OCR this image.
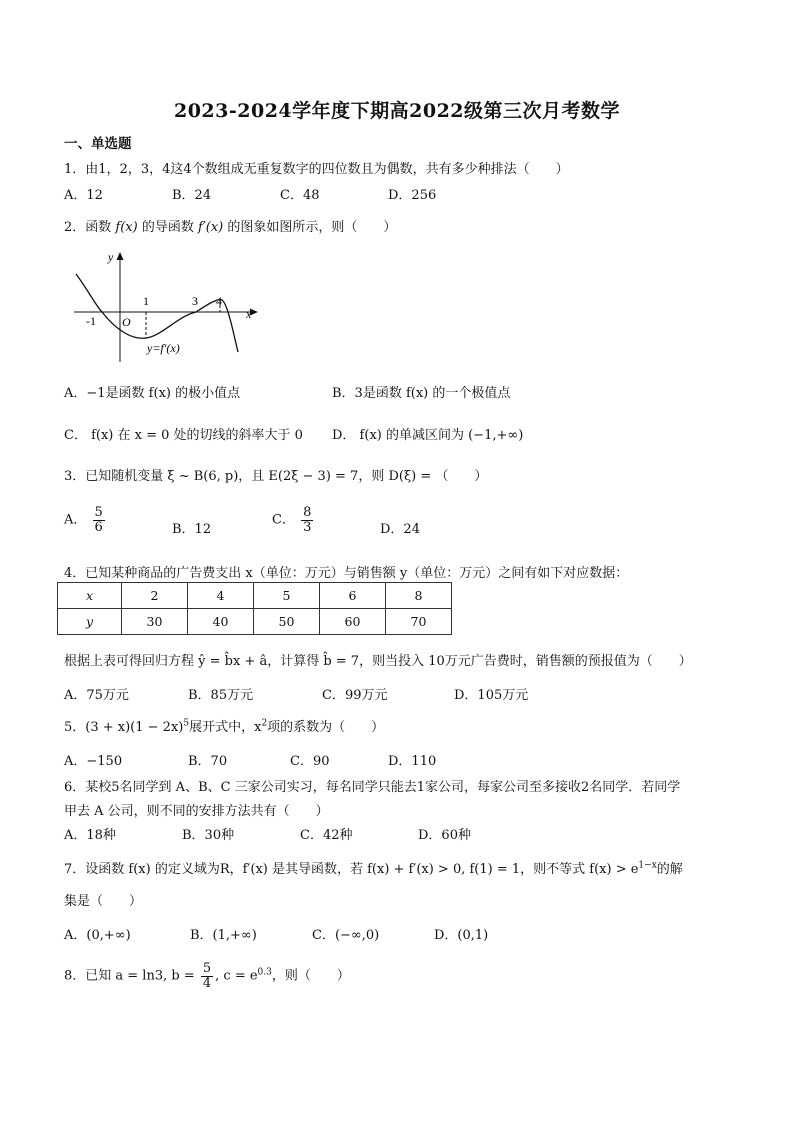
2023-2024学年度下期高2022级第三次月考数学
一、单选题
1．由1，2，3，4这4个数组成无重复数字的四位数且为偶数，共有多少种排法（　　）
A．12	B．24	C．48	D．256
2．函数 f(x) 的导函数 f′(x) 的图象如图所示，则（　　）
y
x
O
-1
1	3 4
y=f′(x)
A．−1是函数 f(x) 的极小值点	B．3是函数 f(x) 的一个极值点
C． f(x) 在 x = 0 处的切线的斜率大于 0 D． f(x) 的单减区间为 (−1,+∞)
3．已知随机变量 ξ ~ B(6, p)，且 E(2ξ − 3) = 7，则 D(ξ) = （　　）
A． $\frac{5}{6}$	B．12
C． $\frac{8}{3}$	D．24
4．已知某种商品的广告费支出 x（单位：万元）与销售额 y（单位：万元）之间有如下对应数据：
x	2	4	5	6	8
y	30	40	50	60	70
根据上表可得回归方程 ŷ = b̂x + â，计算得 b̂ = 7，则当投入 10万元广告费时，销售额的预报值为（　　）
A．75万元	B．85万元	C．99万元	D．105万元
5．$(3 + x)(1 - 2x)^5$展开式中，$x^2$项的系数为（　　）
A．−150	B．70	C．90	D．110
6．某校5名同学到 A、B、C 三家公司实习，每名同学只能去1家公司，每家公司至多接收2名同学．若同学
甲去 A 公司，则不同的安排方法共有（　　）
A．18种	B．30种	C．42种	D．60种
7．设函数 f(x) 的定义域为R，f′(x) 是其导函数，若 f(x) + f′(x) > 0, f(1) = 1，则不等式 $f(x) > e^{1-x}$的解
集是（　　）
A．(0,+∞)	B．(1,+∞)	C．(−∞,0)	D．(0,1)
8．已知 a = ln3, $b = \frac{5}{4}$ , $c = e^{0.3}$，则（　　）
